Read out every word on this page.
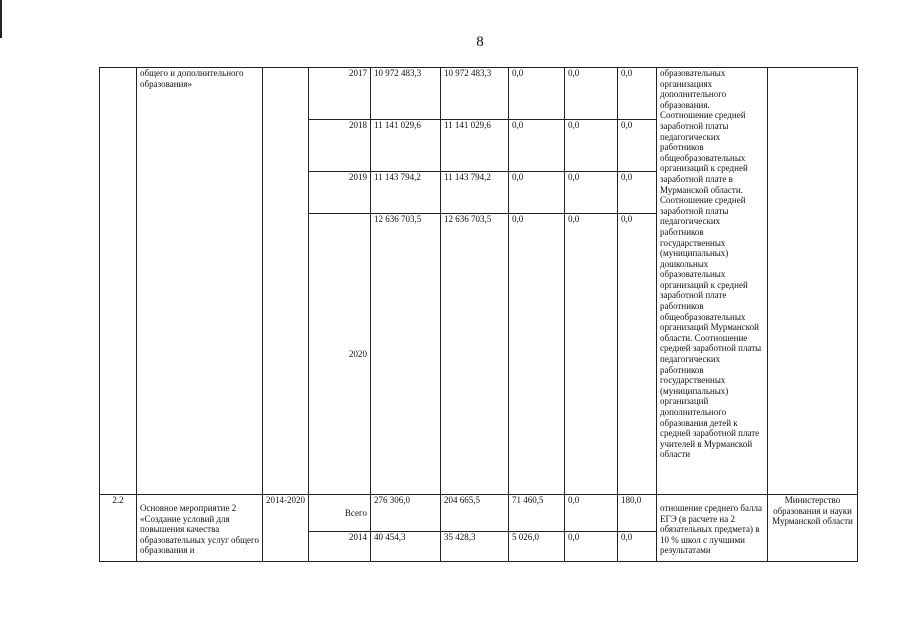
8
	общего и дополнительного образования»		2017	10 972 483,3	10 972 483,3	0,0	0,0	0,0	образовательных организациях дополнительного образования. Соотношение средней заработной платы педагогических работников общеобразовательных организаций к средней заработной плате в Мурманской области. Соотношение средней заработной платы педагогических работников государственных (муниципальных) дошкольных образовательных организаций к средней заработной плате работников общеобразовательных организаций Мурманской области. Соотношение средней заработной платы педагогических работников государственных (муниципальных) организаций дополнительного образования детей к средней заработной плате учителей в Мурманской области	
			2018	11 141 029,6	11 141 029,6	0,0	0,0	0,0		
			2019	11 143 794,2	11 143 794,2	0,0	0,0	0,0		
			2020	12 636 703,5	12 636 703,5	0,0	0,0	0,0		
2.2	Основное мероприятие 2 «Создание условий для повышения качества образовательных услуг общего образования и	2014-2020	Всего	276 306,0	204 665,5	71 460,5	0,0	180,0	отношение среднего балла ЕГЭ (в расчете на 2 обязательных предмета) в 10 % школ с лучшими результатами	Министерство образования и науки Мурманской области
			2014	40 454,3	35 428,3	5 026,0	0,0	0,0		
